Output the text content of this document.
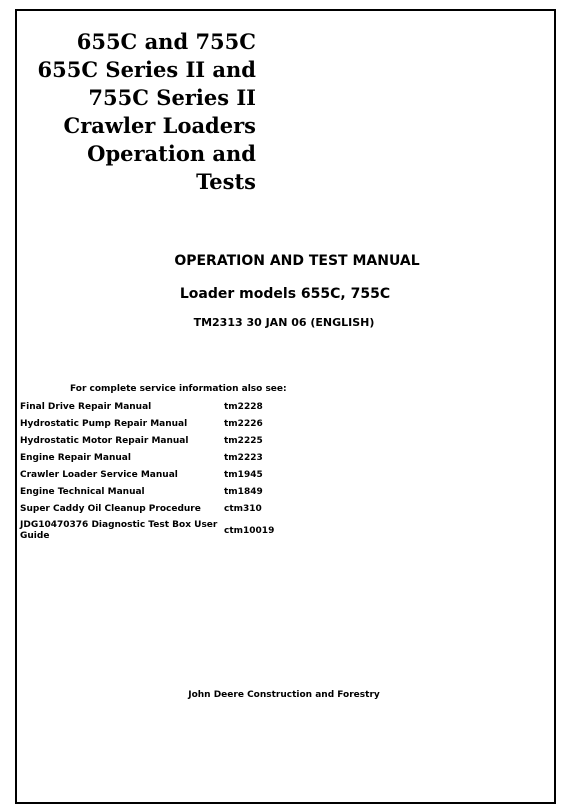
655C and 755C
655C Series II and
755C Series II
Crawler Loaders
Operation and
Tests
OPERATION AND TEST MANUAL
Loader models 655C, 755C
TM2313 30 JAN 06 (ENGLISH)
For complete service information also see:
Final Drive Repair Manual	tm2228
Hydrostatic Pump Repair Manual	tm2226
Hydrostatic Motor Repair Manual	tm2225
Engine Repair Manual	tm2223
Crawler Loader Service Manual	tm1945
Engine Technical Manual	tm1849
Super Caddy Oil Cleanup Procedure	ctm310
JDG10470376 Diagnostic Test Box User Guide	ctm10019
John Deere Construction and Forestry
